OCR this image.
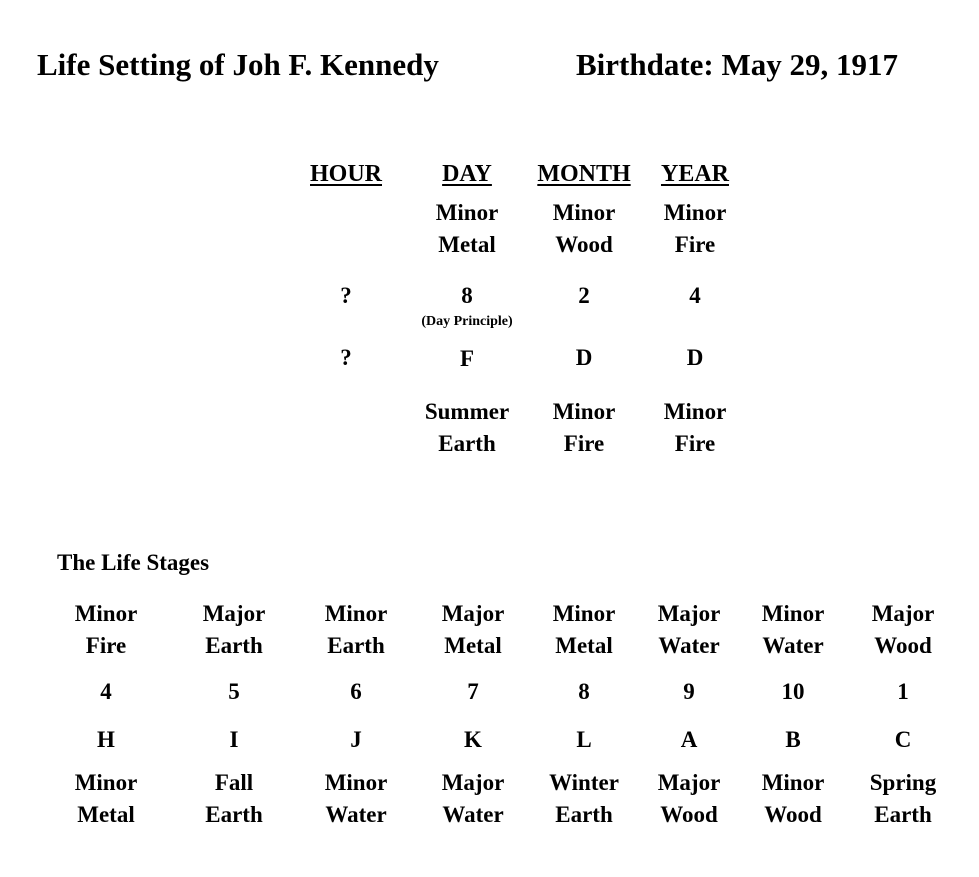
Life Setting of Joh F. Kennedy	Birthdate: May 29, 1917
HOUR
?
?
DAY
Minor
Metal
8
(Day Principle)
F
Summer
Earth
MONTH
Minor
Wood
2
D
Minor
Fire
YEAR
Minor
Fire
4
D
Minor
Fire
The Life Stages
Minor
Fire
4
H
Minor
Metal
Major
Earth
5
I
Fall
Earth
Minor
Earth
6
J
Minor
Water
Major
Metal
7
K
Major
Water
Minor
Metal
8
L
Winter
Earth
Major
Water
9
A
Major
Wood
Minor
Water
10
B
Minor
Wood
Major
Wood
1
C
Spring
Earth
